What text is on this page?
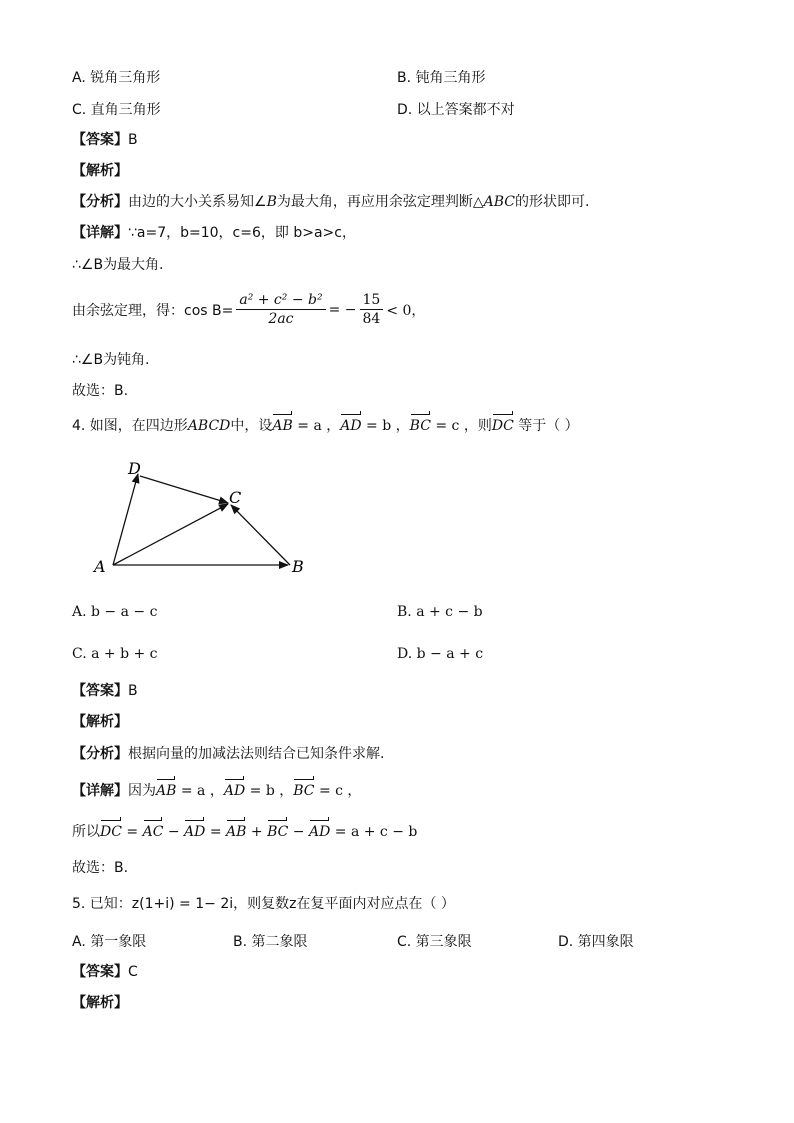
A. 锐角三角形	B. 钝角三角形
C. 直角三角形	D. 以上答案都不对
【答案】B
【解析】
【分析】由边的大小关系易知∠B为最大角，再应用余弦定理判断△ABC的形状即可.
【详解】∵a=7，b=10，c=6，即 b>a>c，
∴∠B为最大角.
由余弦定理，得：$\cos B= \frac{\text{a² + c² − b²}}{2ac}$ = − $\frac{15}{84} < 0$，
∴∠B为钝角.
故选：B.
4. 如图，在四边形ABCD中，设AB = a ，AD = b ，BC = c ，则DC 等于（ ）
A	B
C
D
A. b − a − c	B. a + c − b
C. a + b + c	D. b − a + c
【答案】B
【解析】
【分析】根据向量的加减法法则结合已知条件求解.
【详解】因为AB = a ，AD = b ，BC = c ，
所以DC = AC − AD = AB + BC − AD = a + c − b
故选：B.
5. 已知：z(1+i) = 1− 2i，则复数z在复平面内对应点在（ ）
A. 第一象限	B. 第二象限	C. 第三象限	D. 第四象限
【答案】C
【解析】
